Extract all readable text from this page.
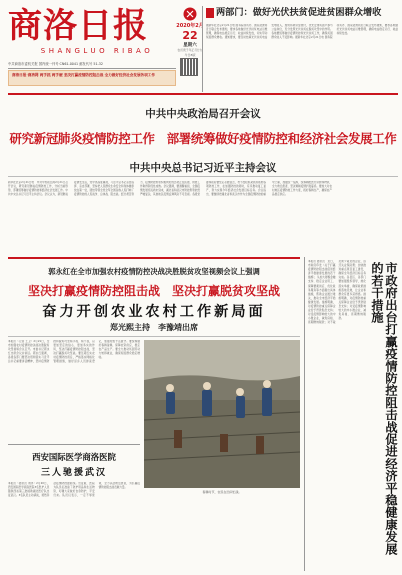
商洛日报
SHANGLUO RIBAO
2020年2月
22
星期六
农历庚子年正月廿九
今日8版
中共商洛市委机关报 国内统一刊号 CN61-0041 邮发代号 51-32
商洛日报·商洛网 两手抓 两手硬 坚决打赢疫情防控阻击战 全力做好经济社会发展各项工作
两部门：做好光伏扶贫促进贫困群众增收
据新华社北京2月21日电 国务院扶贫办、国家能源局近日联合发布通知，要求各地做好光伏扶贫电站运维管理，确保电站稳定运行、收益持续发放，切实带动贫困群众增收。通知要求，要及时结算光伏扶贫电站发电收入，加快补助资金拨付，优先安排贫困户参与公益岗位，充分发挥光伏扶贫在脱贫攻坚中的作用。各地要统筹做好疫情防控和光伏扶贫工作，确保贫困群众收入不受影响。据新华社北京2月21日电 国务院扶贫办、国家能源局近日联合发布通知，要求各地做好光伏扶贫电站运维管理，确保电站稳定运行、收益持续发放。
中共中央政治局召开会议
研究新冠肺炎疫情防控工作　部署统筹做好疫情防控和经济社会发展工作
中共中央总书记习近平主持会议
新华社北京2月21日电　中共中央政治局2月21日召开会议，研究新冠肺炎疫情防控工作，分析当前形势，部署统筹做好疫情防控和经济社会发展工作。中共中央总书记习近平主持会议。会议认为，新冠肺炎疫情发生后，党中央高度重视，习近平总书记亲自指挥、亲自部署，坚持把人民群众生命安全和身体健康放在第一位，团结带领全党全军全国各族人民打响了疫情防控的人民战争、总体战、阻击战。经过艰苦努力，疫情防控形势积极向好的态势正在拓展，防控工作取得阶段性成效。会议强调，要清醒看到，全国疫情发展拐点尚未到来，湖北省和武汉市防控形势依然严峻复杂，其他地区疫情反弹风险不可忽视。各级党委和政府要坚定必胜信念，毫不放松抓紧抓实抓细各项防控工作，在加强防控的同时，有序推动复工复产，努力实现今年经济社会发展目标任务。会议指出，要继续把湖北省和武汉市作为全国疫情防控的重中之重，加强统一指挥，统筹调配医疗资源和物资，全力救治患者，坚决遏制疫情扩散蔓延。要加大对农村地区疫情防控工作力度，抓好春耕生产，确保农产品稳定供应。
郭永红在全市加强农村疫情防控决战决胜脱贫攻坚视频会议上强调
坚决打赢疫情防控阻击战　坚决打赢脱贫攻坚战
奋力开创农业农村工作新局面
郑光熙主持　李豫靖出席
本报讯（记者 王卫）2月21日，全市加强农村疫情防控决战决胜脱贫攻坚视频会议召开。市委书记郭永红出席会议并讲话。郭永红强调，各级各部门要坚决贯彻落实习近平总书记重要讲话精神，坚持疫情防控和脱贫攻坚两手抓、两不误，以更加坚定的信心、更加务实的作风，坚决打赢疫情防控阻击战，坚决打赢脱贫攻坚战。要压紧压实农村疫情防控责任，严格落实网格化管理措施，做好返乡人员排查登记，加强村组卡点值守。要统筹做好春耕备耕，保障农资供应，稳定农产品生产。要全力推动贫困劳动力转移就业，确保贫困群众稳定增收。
春耕时节，农民在田间忙碌。
西安国际医学商洛医院
三人驰援武汉
本报讯（通讯员 刘洋）2月20日，西安国际医学商洛医院3名医护人员随陕西省第三批援助湖北医疗队出征武汉。3名队员主动请战，毅然奔赴疫情防控最前线。出征前，医院为队员们准备了防护用品和生活物资，叮嘱大家做好自身防护，平安归来。队员们表示，一定不辱使命，全力以赴救治患者，为打赢疫情防控阻击战贡献力量。
本报讯 通讯员　近日，市政府印发《关于打赢疫情防控阻击战促进经济平稳健康发展的若干措施》，从加大财税金融支持、稳定企业用工、保障要素供应、优化政务服务等方面提出具体措施，帮助企业渡过难关，推动全市经济平稳健康发展。措施明确，对疫情防控重点保障企业给予贷款贴息支持；对受疫情影响较大的中小微企业，减免房租、延期缴纳税款；对不裁员或少裁员的企业，返还失业保险费；加快推进重点项目复工建设，确保全年经济目标任务完成。各县区、各部门要加强组织领导，细化落实举措，确保政策措施落地见效，让企业和群众有更多获得感。措施明确，对疫情防控重点保障企业给予贷款贴息支持；对受疫情影响较大的中小微企业，减免房租、延期缴纳税款。	市政府出台打赢疫情防控阻击战促进经济平稳健康发展的若干措施
